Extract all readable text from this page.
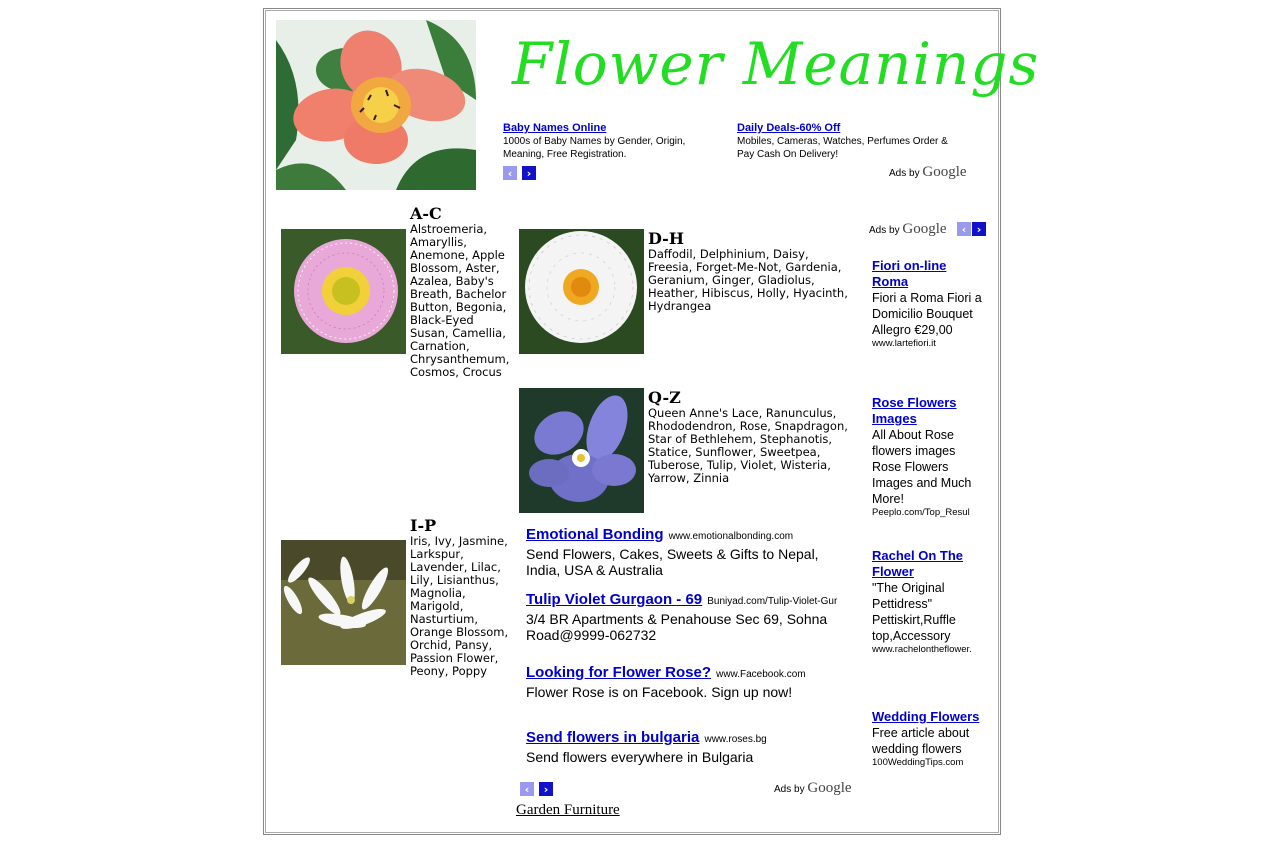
Flower Meanings
Baby Names Online
1000s of Baby Names by Gender, Origin, Meaning, Free Registration.
Daily Deals-60% Off
Mobiles, Cameras, Watches, Perfumes Order & Pay Cash On Delivery!
‹	›	Ads by Google
A-C
Alstroemeria, Amaryllis, Anemone, Apple Blossom, Aster, Azalea, Baby's Breath, Bachelor Button, Begonia, Black-Eyed Susan, Camellia, Carnation, Chrysanthemum, Cosmos, Crocus
D-H
Daffodil, Delphinium, Daisy, Freesia, Forget-Me-Not, Gardenia, Geranium, Ginger, Gladiolus, Heather, Hibiscus, Holly, Hyacinth, Hydrangea
Q-Z
Queen Anne's Lace, Ranunculus, Rhododendron, Rose, Snapdragon, Star of Bethlehem, Stephanotis, Statice, Sunflower, Sweetpea, Tuberose, Tulip, Violet, Wisteria, Yarrow, Zinnia
I-P
Iris, Ivy, Jasmine, Larkspur, Lavender, Lilac, Lily, Lisianthus, Magnolia, Marigold, Nasturtium, Orange Blossom, Orchid, Pansy, Passion Flower, Peony, Poppy
Emotional Bonding www.emotionalbonding.com
Send Flowers, Cakes, Sweets & Gifts to Nepal, India, USA & Australia
Tulip Violet Gurgaon - 69 Buniyad.com/Tulip-Violet-Gur
3/4 BR Apartments & Penahouse Sec 69, Sohna Road@9999-062732
Looking for Flower Rose? www.Facebook.com
Flower Rose is on Facebook. Sign up now!
Send flowers in bulgaria www.roses.bg
Send flowers everywhere in Bulgaria
‹	›	Ads by Google
Garden Furniture
Ads by Google	‹ ›
Fiori on-line Roma
Fiori a Roma Fiori a Domicilio Bouquet Allegro €29,00
www.lartefiori.it
Rose Flowers Images
All About Rose flowers images Rose Flowers Images and Much More!
Peeplo.com/Top_Resul
Rachel On The Flower
"The Original Pettidress" Pettiskirt,Ruffle top,Accessory
www.rachelontheflower.
Wedding Flowers
Free article about wedding flowers
100WeddingTips.com
